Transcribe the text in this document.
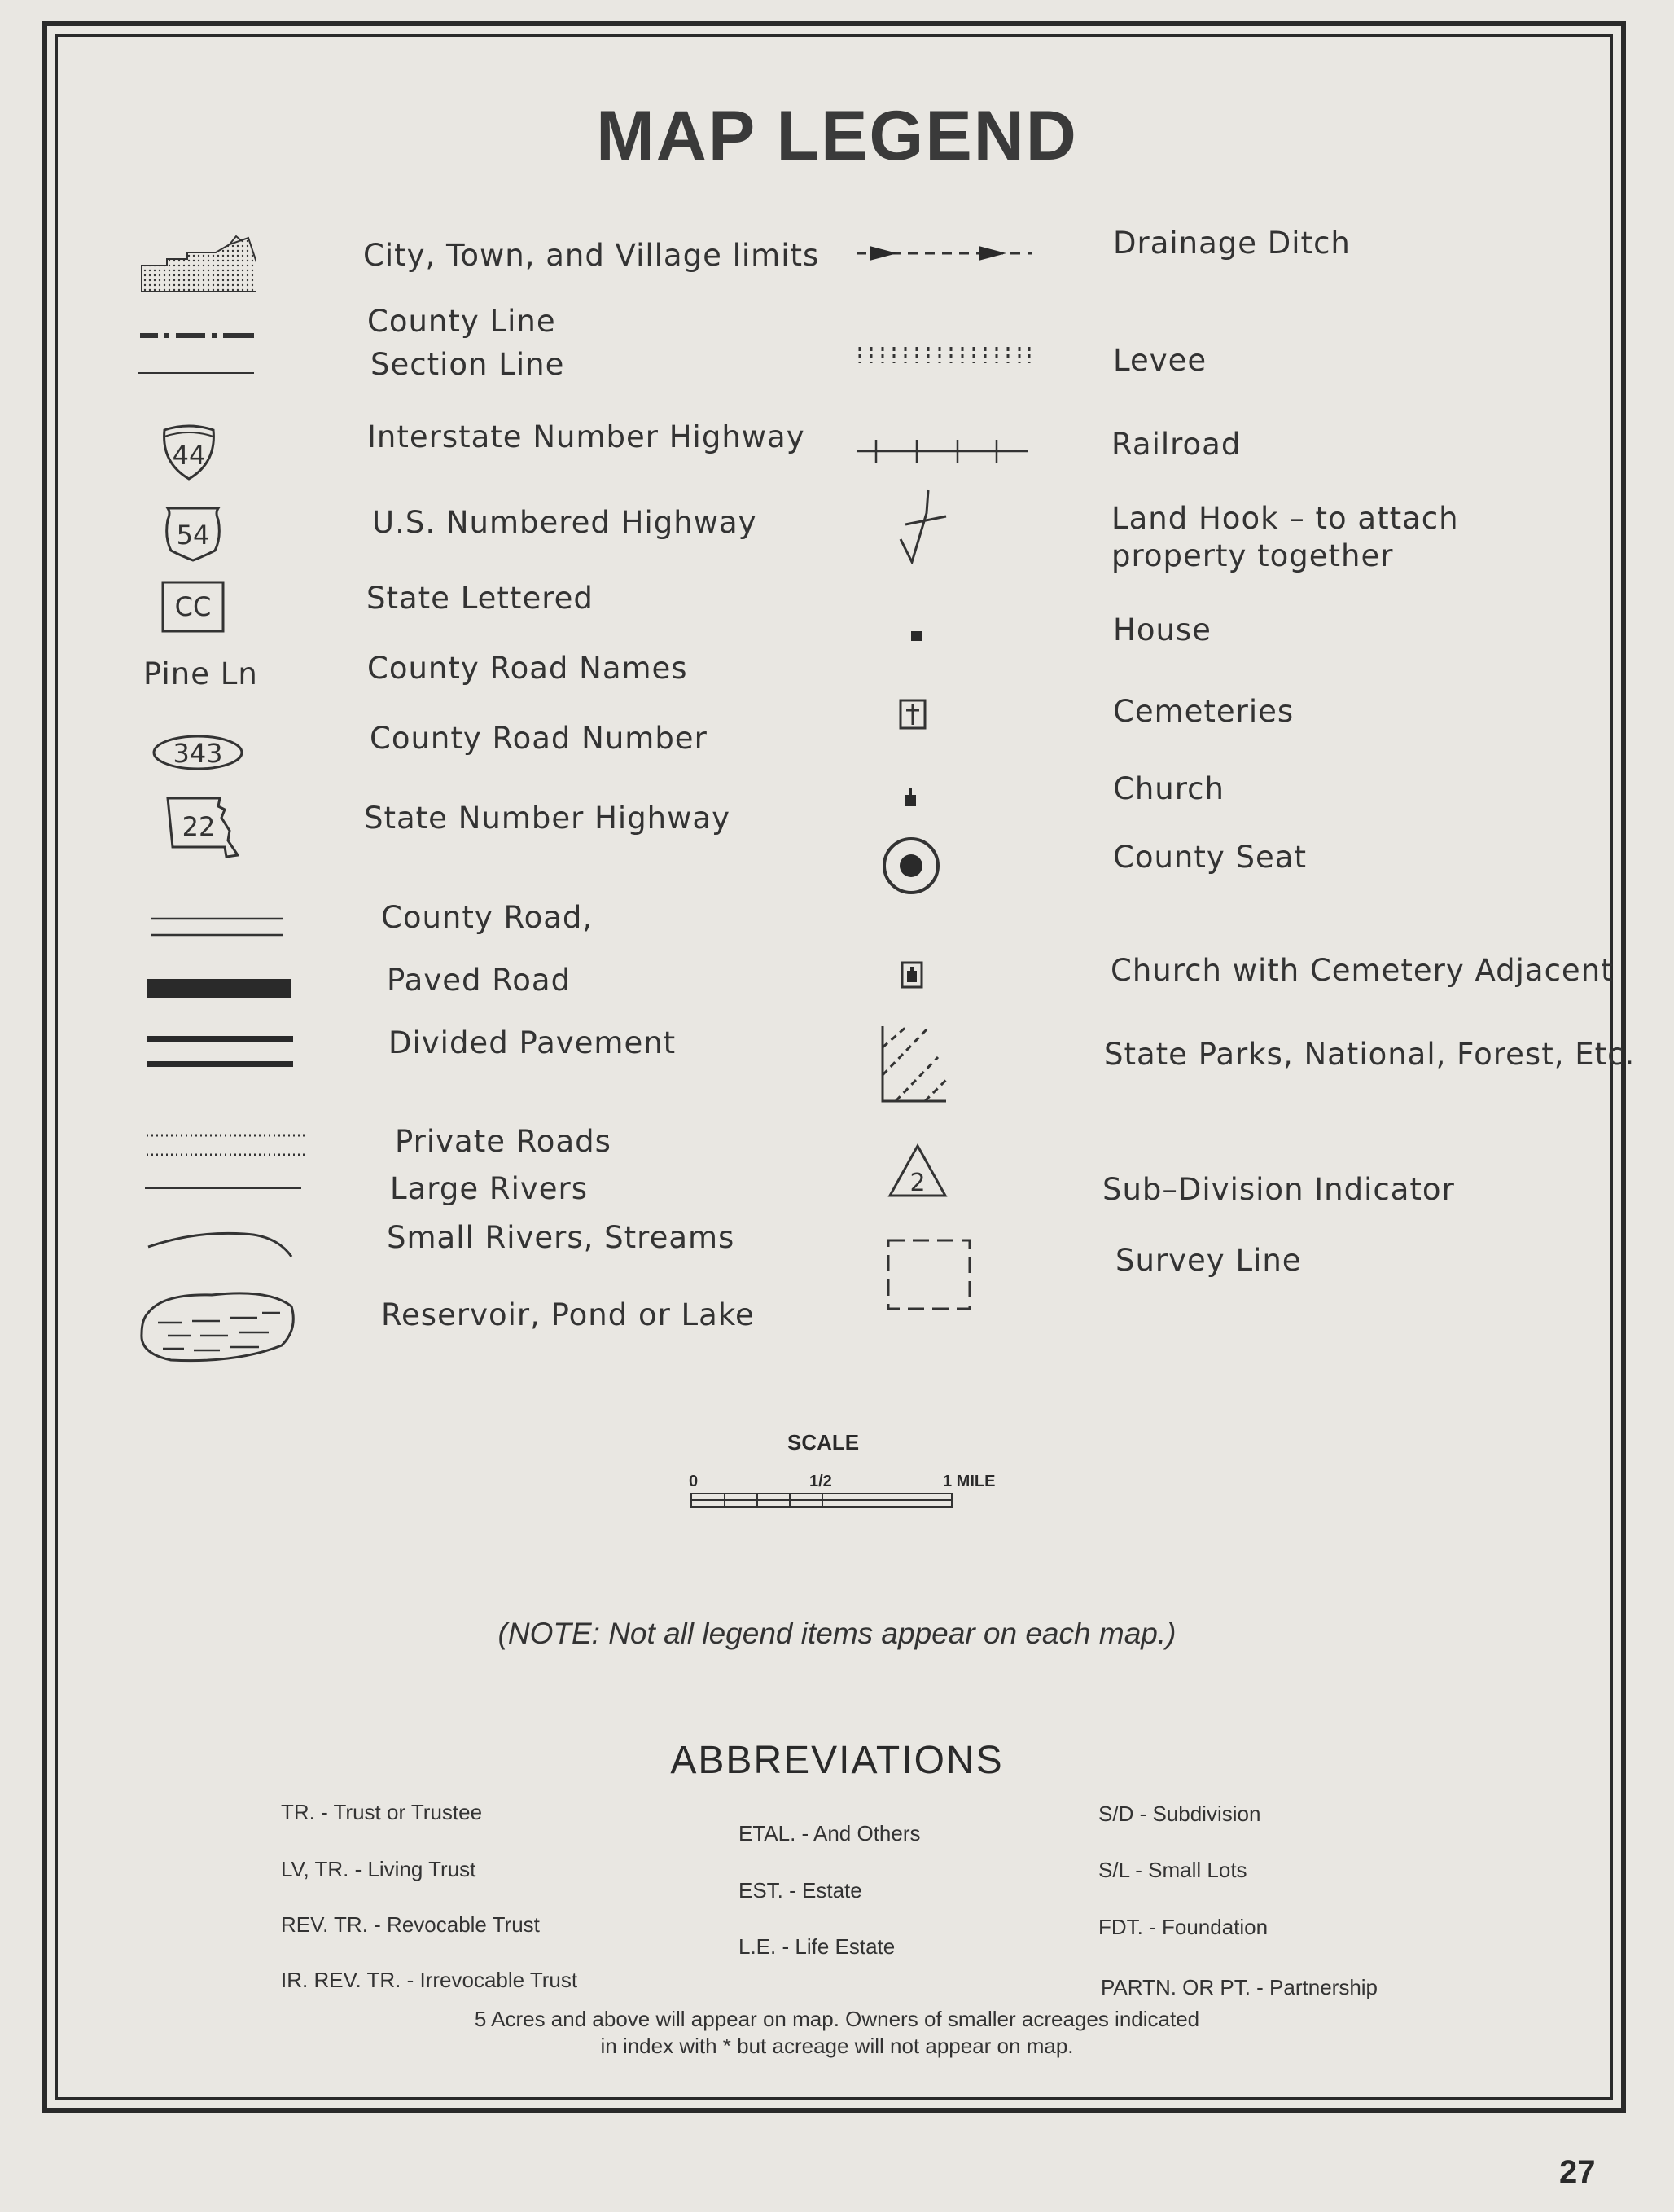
MAP LEGEND
44
54
CC
Pine Ln
343
22
City, Town, and Village limits
County Line
Section Line
Interstate Number Highway
U.S. Numbered Highway
State Lettered
County Road Names
County Road Number
State Number Highway
County Road,
Paved Road
Divided Pavement
Private Roads
Large Rivers
Small Rivers, Streams
Reservoir, Pond or Lake
2
Drainage Ditch
Levee
Railroad
Land Hook – to attach property together
House
Cemeteries
Church
County Seat
Church with Cemetery Adjacent
State Parks, National, Forest, Etc.
Sub–Division Indicator
Survey Line
SCALE
0	1/2	1 MILE
(NOTE: Not all legend items appear on each map.)
ABBREVIATIONS
TR. - Trust or Trustee
LV, TR. - Living Trust
REV. TR. - Revocable Trust
IR. REV. TR. - Irrevocable Trust
ETAL. - And Others
EST. - Estate
L.E. - Life Estate
S/D - Subdivision
S/L - Small Lots
FDT. - Foundation
PARTN. OR PT. - Partnership
5 Acres and above will appear on map. Owners of smaller acreages indicated
in index with * but acreage will not appear on map.
27
